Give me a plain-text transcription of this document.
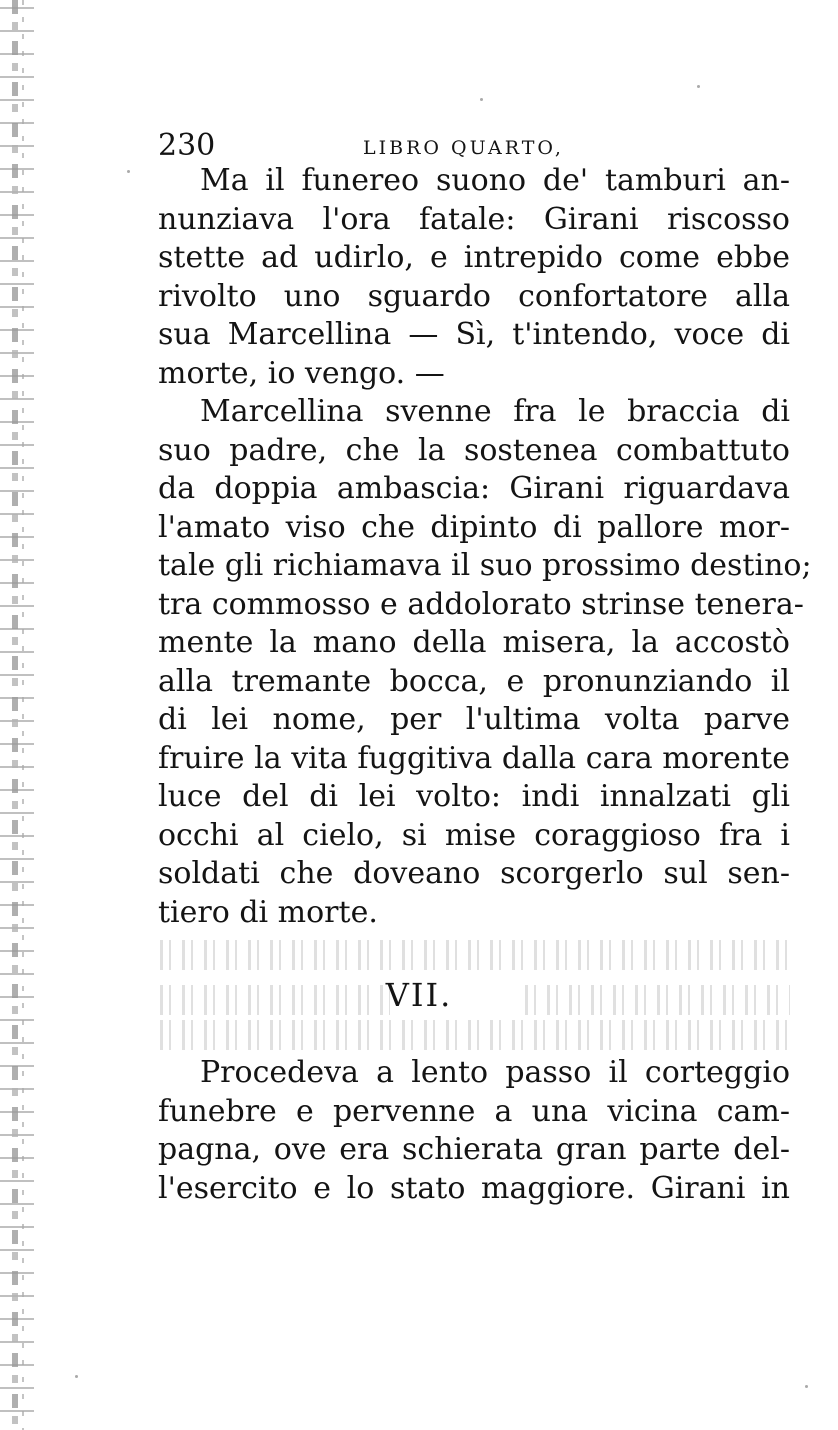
230	LIBRO QUARTO,
Ma il funereo suono de' tamburi an-
nunziava l'ora fatale: Girani riscosso
stette ad udirlo, e intrepido come ebbe
rivolto uno sguardo confortatore alla
sua Marcellina — Sì, t'intendo, voce di
morte, io vengo. —
Marcellina svenne fra le braccia di
suo padre, che la sostenea combattuto
da doppia ambascia: Girani riguardava
l'amato viso che dipinto di pallore mor-
tale gli richiamava il suo prossimo destino;
tra commosso e addolorato strinse tenera-
mente la mano della misera, la accostò
alla tremante bocca, e pronunziando il
di lei nome, per l'ultima volta parve
fruire la vita fuggitiva dalla cara morente
luce del di lei volto: indi innalzati gli
occhi al cielo, si mise coraggioso fra i
soldati che doveano scorgerlo sul sen-
tiero di morte.
VII.
Procedeva a lento passo il corteggio
funebre e pervenne a una vicina cam-
pagna, ove era schierata gran parte del-
l'esercito e lo stato maggiore. Girani in
